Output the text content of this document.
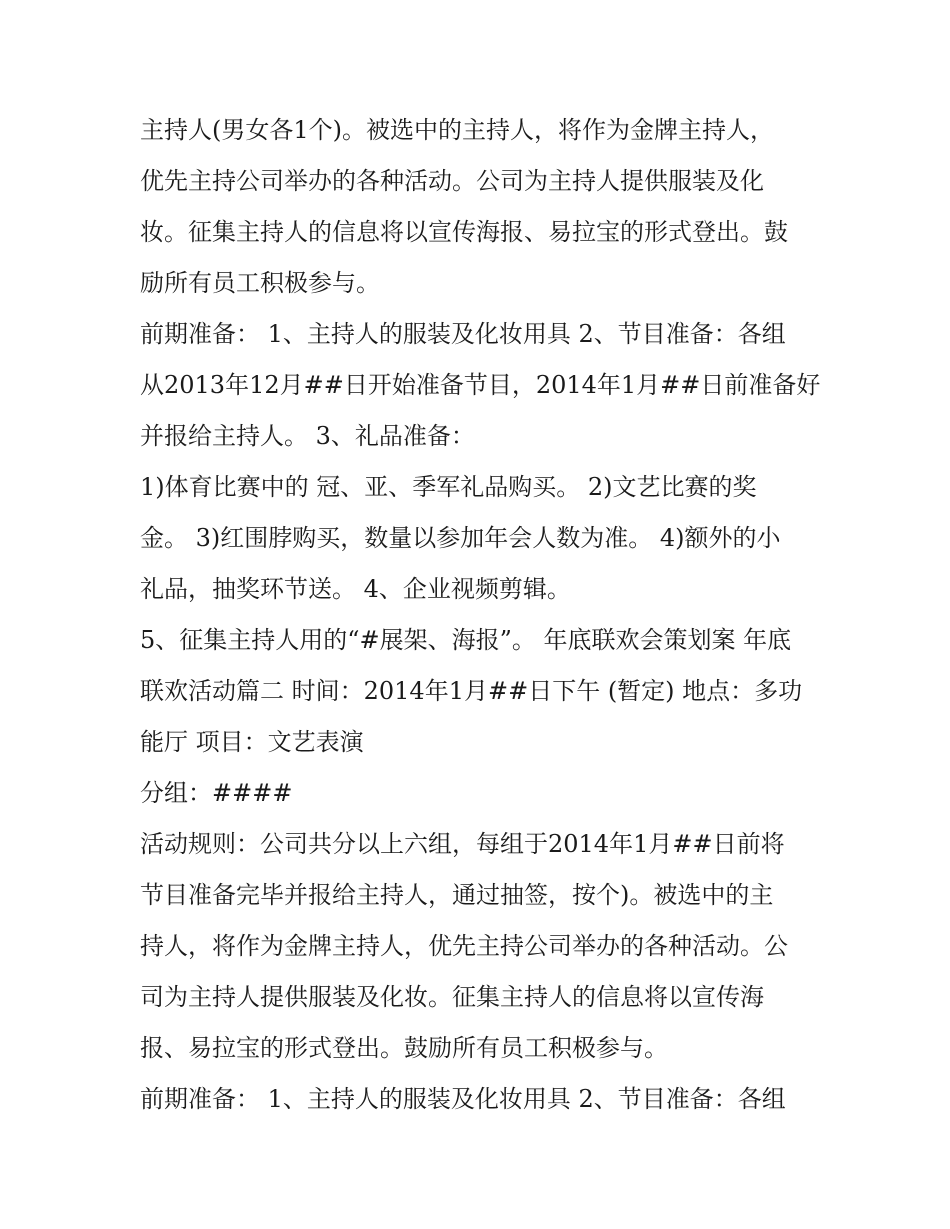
主持人(男女各1个)。被选中的主持人，将作为金牌主持人，
优先主持公司举办的各种活动。公司为主持人提供服装及化
妆。征集主持人的信息将以宣传海报、易拉宝的形式登出。鼓
励所有员工积极参与。
前期准备： 1、主持人的服装及化妆用具 2、节目准备：各组
从2013年12月##日开始准备节目，2014年1月##日前准备好
并报给主持人。 3、礼品准备：
1)体育比赛中的 冠、亚、季军礼品购买。 2)文艺比赛的奖
金。 3)红围脖购买，数量以参加年会人数为准。 4)额外的小
礼品，抽奖环节送。 4、企业视频剪辑。
5、征集主持人用的“#展架、海报”。 年底联欢会策划案 年底
联欢活动篇二 时间：2014年1月##日下午 (暂定) 地点：多功
能厅 项目：文艺表演
分组：####
活动规则：公司共分以上六组，每组于2014年1月##日前将
节目准备完毕并报给主持人，通过抽签，按个)。被选中的主
持人，将作为金牌主持人，优先主持公司举办的各种活动。公
司为主持人提供服装及化妆。征集主持人的信息将以宣传海
报、易拉宝的形式登出。鼓励所有员工积极参与。
前期准备： 1、主持人的服装及化妆用具 2、节目准备：各组
